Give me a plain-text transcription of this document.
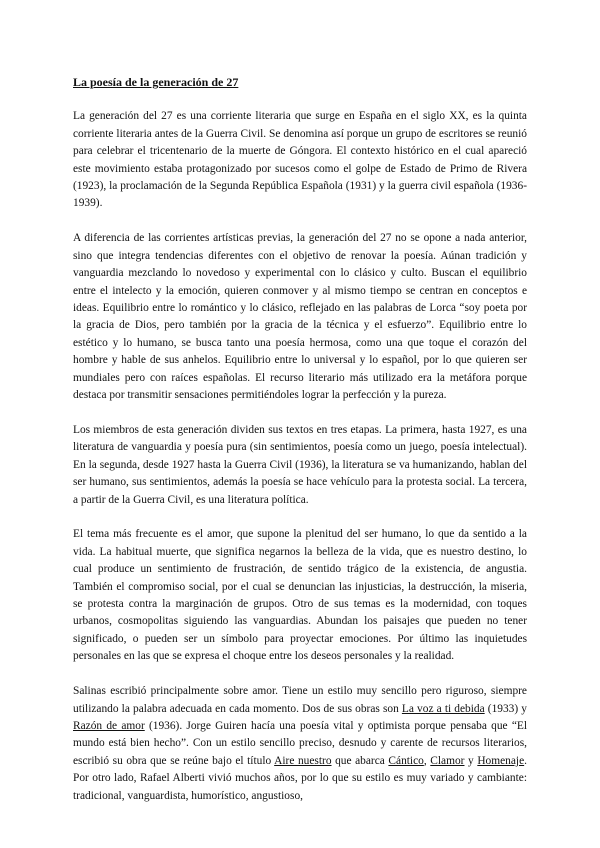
La poesía de la generación de 27

La generación del 27 es una corriente literaria que surge en España en el siglo XX, es la quinta corriente literaria antes de la Guerra Civil. Se denomina así porque un grupo de escritores se reunió para celebrar el tricentenario de la muerte de Góngora. El contexto histórico en el cual apareció este movimiento estaba protagonizado por sucesos como el golpe de Estado de Primo de Rivera (1923), la proclamación de la Segunda República Española (1931) y la guerra civil española (1936-1939).

A diferencia de las corrientes artísticas previas, la generación del 27 no se opone a nada anterior, sino que integra tendencias diferentes con el objetivo de renovar la poesía. Aúnan tradición y vanguardia mezclando lo novedoso y experimental con lo clásico y culto. Buscan el equilibrio entre el intelecto y la emoción, quieren conmover y al mismo tiempo se centran en conceptos e ideas. Equilibrio entre lo romántico y lo clásico, reflejado en las palabras de Lorca “soy poeta por la gracia de Dios, pero también por la gracia de la técnica y el esfuerzo”. Equilibrio entre lo estético y lo humano, se busca tanto una poesía hermosa, como una que toque el corazón del hombre y hable de sus anhelos. Equilibrio entre lo universal y lo español, por lo que quieren ser mundiales pero con raíces españolas. El recurso literario más utilizado era la metáfora porque destaca por transmitir sensaciones permitiéndoles lograr la perfección y la pureza.

Los miembros de esta generación dividen sus textos en tres etapas. La primera, hasta 1927, es una literatura de vanguardia y poesía pura (sin sentimientos, poesía como un juego, poesía intelectual). En la segunda, desde 1927 hasta la Guerra Civil (1936), la literatura se va humanizando, hablan del ser humano, sus sentimientos, además la poesía se hace vehículo para la protesta social. La tercera, a partir de la Guerra Civil, es una literatura política.

El tema más frecuente es el amor, que supone la plenitud del ser humano, lo que da sentido a la vida. La habitual muerte, que significa negarnos la belleza de la vida, que es nuestro destino, lo cual produce un sentimiento de frustración, de sentido trágico de la existencia, de angustia. También el compromiso social, por el cual se denuncian las injusticias, la destrucción, la miseria, se protesta contra la marginación de grupos. Otro de sus temas es la modernidad, con toques urbanos, cosmopolitas siguiendo las vanguardias. Abundan los paisajes que pueden no tener significado, o pueden ser un símbolo para proyectar emociones. Por último las inquietudes personales en las que se expresa el choque entre los deseos personales y la realidad.

Salinas escribió principalmente sobre amor. Tiene un estilo muy sencillo pero riguroso, siempre utilizando la palabra adecuada en cada momento. Dos de sus obras son La voz a ti debida (1933) y Razón de amor (1936). Jorge Guiren hacía una poesía vital y optimista porque pensaba que “El mundo está bien hecho”. Con un estilo sencillo preciso, desnudo y carente de recursos literarios, escribió su obra que se reúne bajo el título Aire nuestro que abarca Cántico, Clamor y Homenaje. Por otro lado, Rafael Alberti vivió muchos años, por lo que su estilo es muy variado y cambiante: tradicional, vanguardista, humorístico, angustioso,
